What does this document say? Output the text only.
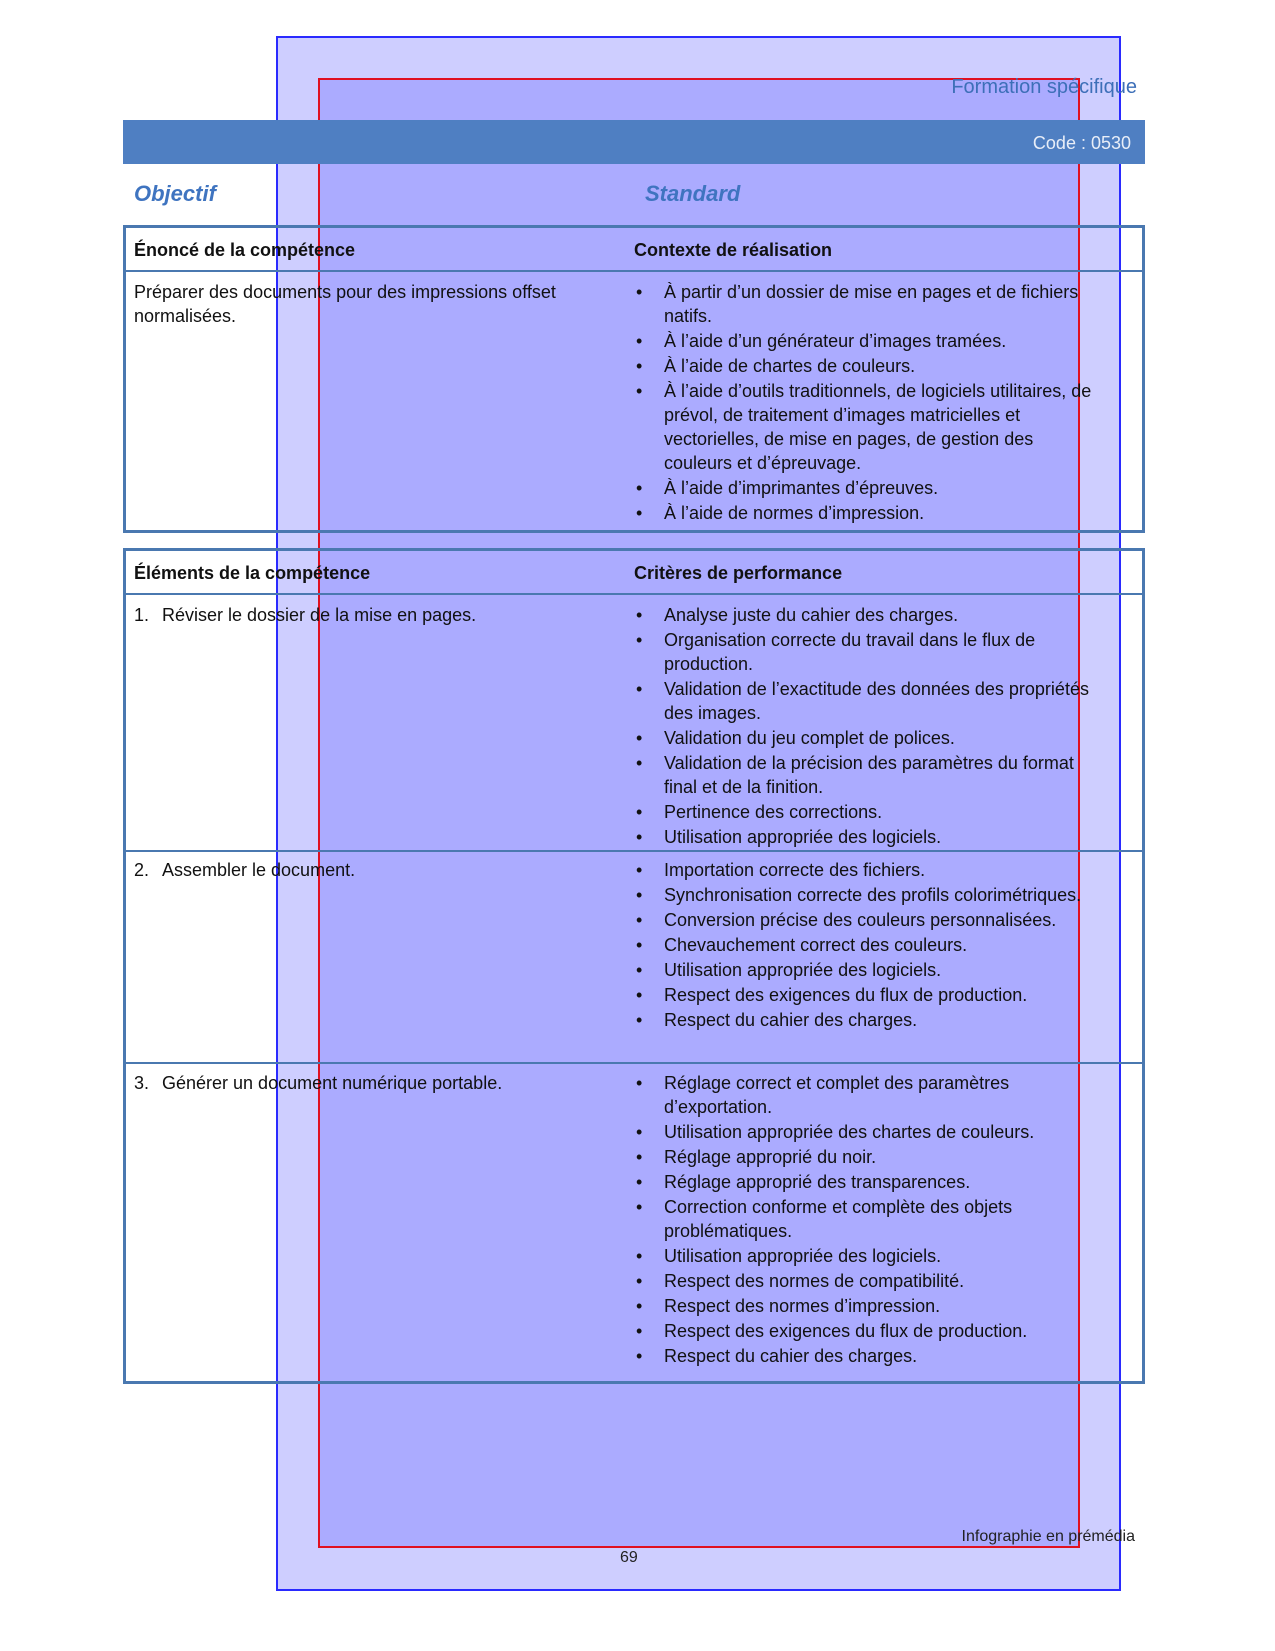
Formation spécifique
Code : 0530
Objectif	Standard
Énoncé de la compétence	Contexte de réalisation
Préparer des documents pour des impressions offset normalisées.
• À partir d’un dossier de mise en pages et de fichiers natifs.
• À l’aide d’un générateur d’images tramées.
• À l’aide de chartes de couleurs.
• À l’aide d’outils traditionnels, de logiciels utilitaires, de prévol, de traitement d’images matricielles et vectorielles, de mise en pages, de gestion des couleurs et d’épreuvage.
• À l’aide d’imprimantes d’épreuves.
• À l’aide de normes d’impression.
Éléments de la compétence	Critères de performance
1. Réviser le dossier de la mise en pages.	• Analyse juste du cahier des charges.
• Organisation correcte du travail dans le flux de production.
• Validation de l’exactitude des données des propriétés des images.
• Validation du jeu complet de polices.
• Validation de la précision des paramètres du format final et de la finition.
• Pertinence des corrections.
• Utilisation appropriée des logiciels.
2. Assembler le document.	• Importation correcte des fichiers.
• Synchronisation correcte des profils colorimétriques.
• Conversion précise des couleurs personnalisées.
• Chevauchement correct des couleurs.
• Utilisation appropriée des logiciels.
• Respect des exigences du flux de production.
• Respect du cahier des charges.
3. Générer un document numérique portable.	• Réglage correct et complet des paramètres d’exportation.
• Utilisation appropriée des chartes de couleurs.
• Réglage approprié du noir.
• Réglage approprié des transparences.
• Correction conforme et complète des objets problématiques.
• Utilisation appropriée des logiciels.
• Respect des normes de compatibilité.
• Respect des normes d’impression.
• Respect des exigences du flux de production.
• Respect du cahier des charges.
Infographie en prémédia
69
